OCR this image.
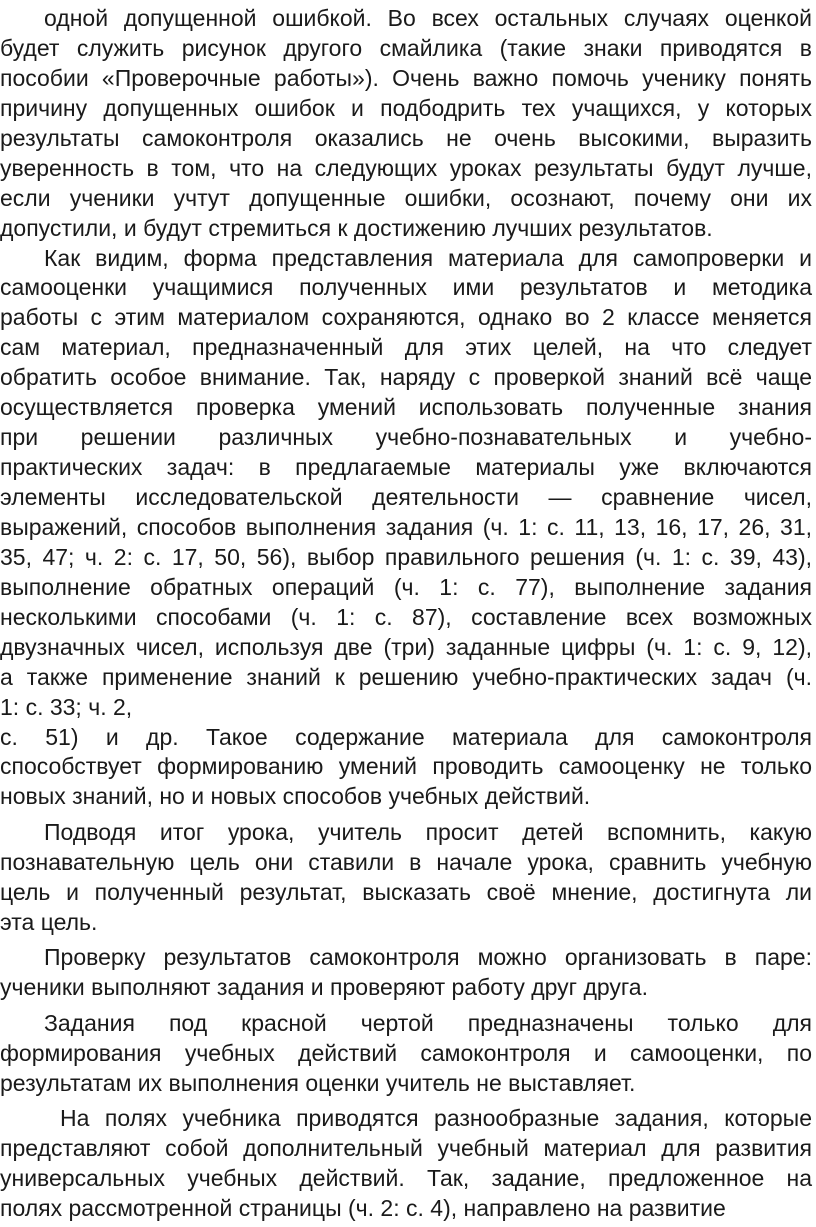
одной допущенной ошибкой. Во всех остальных случаях оценкой
будет служить рисунок другого смайлика (такие знаки приводятся в
пособии «Проверочные работы»). Очень важно помочь ученику понять
причину допущенных ошибок и подбодрить тех учащихся, у которых
результаты самоконтроля оказались не очень высокими, выразить
уверенность в том, что на следующих уроках результаты будут лучше,
если ученики учтут допущенные ошибки, осознают, почему они их
допустили, и будут стремиться к достижению лучших результатов.
Как видим, форма представления материала для самопроверки и
самооценки учащимися полученных ими результатов и методика
работы с этим материалом сохраняются, однако во 2 классе меняется
сам материал, предназначенный для этих целей, на что следует
обратить особое внимание. Так, наряду с проверкой знаний всё чаще
осуществляется проверка умений использовать полученные знания
при решении различных учебно-познавательных и учебно-
практических задач: в предлагаемые материалы уже включаются
элементы исследовательской деятельности — сравнение чисел,
выражений, способов выполнения задания (ч. 1: с. 11, 13, 16, 17, 26, 31,
35, 47; ч. 2: с. 17, 50, 56), выбор правильного решения (ч. 1: с. 39, 43),
выполнение обратных операций (ч. 1: с. 77), выполнение задания
несколькими способами (ч. 1: с. 87), составление всех возможных
двузначных чисел, используя две (три) заданные цифры (ч. 1: с. 9, 12),
а также применение знаний к решению учебно-практических задач (ч.
1: с. 33; ч. 2,
с. 51) и др. Такое содержание материала для самоконтроля
способствует формированию умений проводить самооценку не только
новых знаний, но и новых способов учебных действий.
Подводя итог урока, учитель просит детей вспомнить, какую
познавательную цель они ставили в начале урока, сравнить учебную
цель и полученный результат, высказать своё мнение, достигнута ли
эта цель.
Проверку результатов самоконтроля можно организовать в паре:
ученики выполняют задания и проверяют работу друг друга.
Задания под красной чертой предназначены только для
формирования учебных действий самоконтроля и самооценки, по
результатам их выполнения оценки учитель не выставляет.
На полях учебника приводятся разнообразные задания, которые
представляют собой дополнительный учебный материал для развития
универсальных учебных действий. Так, задание, предложенное на
полях рассмотренной страницы (ч. 2: с. 4), направлено на развитие
